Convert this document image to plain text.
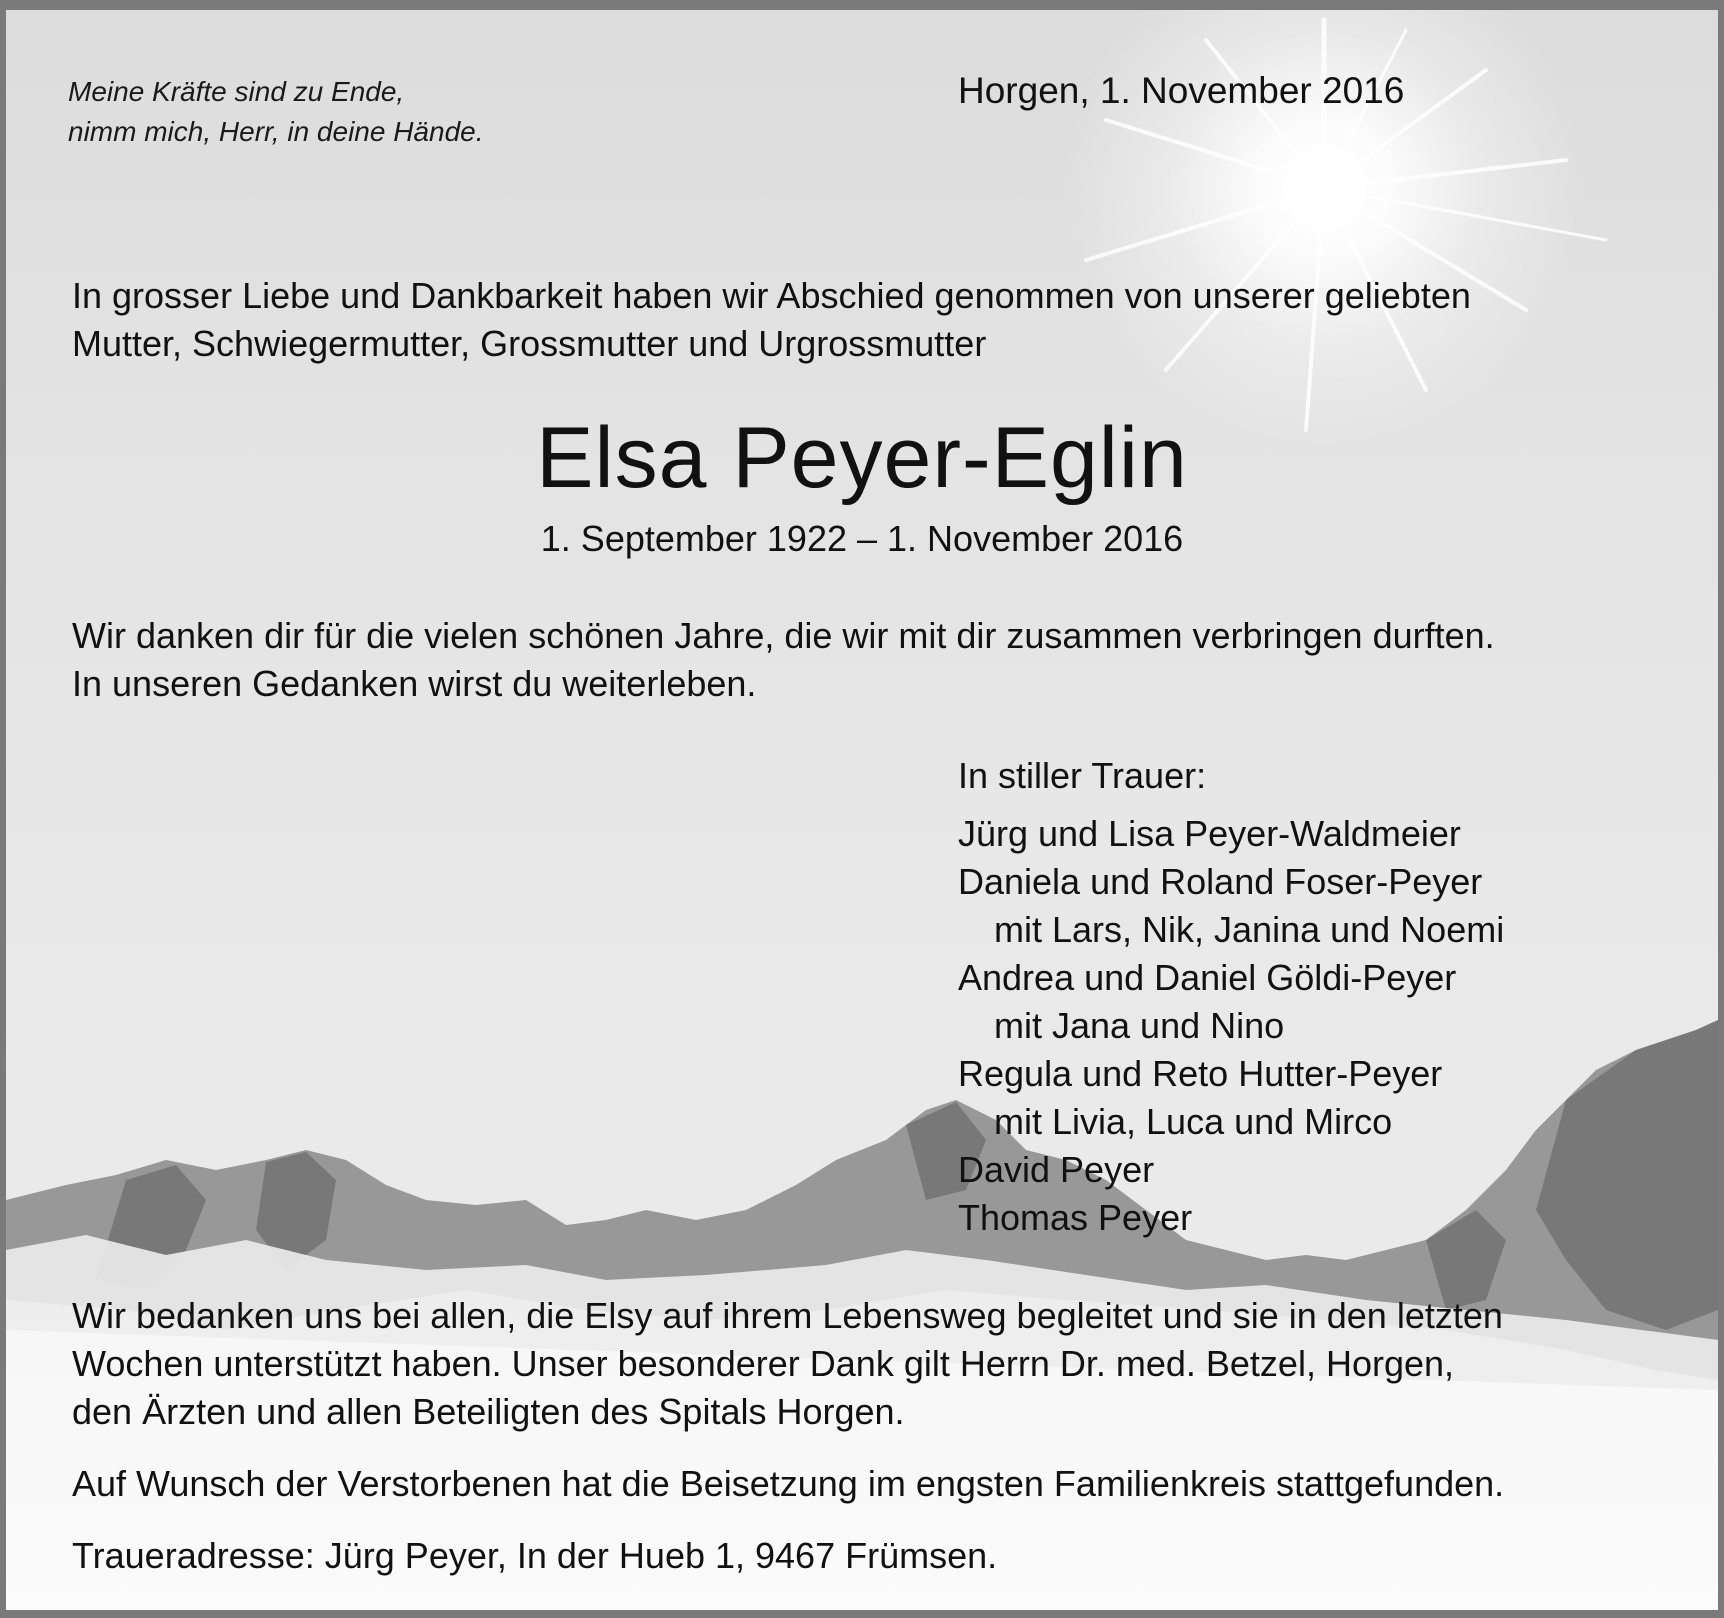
Meine Kräfte sind zu Ende,
nimm mich, Herr, in deine Hände.
Horgen, 1. November 2016
In grosser Liebe und Dankbarkeit haben wir Abschied genommen von unserer geliebten
Mutter, Schwiegermutter, Grossmutter und Urgrossmutter
Elsa Peyer-Eglin
1. September 1922 – 1. November 2016
Wir danken dir für die vielen schönen Jahre, die wir mit dir zusammen verbringen durften.
In unseren Gedanken wirst du weiterleben.
In stiller Trauer:
Jürg und Lisa Peyer-Waldmeier
Daniela und Roland Foser-Peyer
mit Lars, Nik, Janina und Noemi
Andrea und Daniel Göldi-Peyer
mit Jana und Nino
Regula und Reto Hutter-Peyer
mit Livia, Luca und Mirco
David Peyer
Thomas Peyer
Wir bedanken uns bei allen, die Elsy auf ihrem Lebensweg begleitet und sie in den letzten
Wochen unterstützt haben. Unser besonderer Dank gilt Herrn Dr. med. Betzel, Horgen,
den Ärzten und allen Beteiligten des Spitals Horgen.
Auf Wunsch der Verstorbenen hat die Beisetzung im engsten Familienkreis stattgefunden.
Traueradresse: Jürg Peyer, In der Hueb 1, 9467 Frümsen.
